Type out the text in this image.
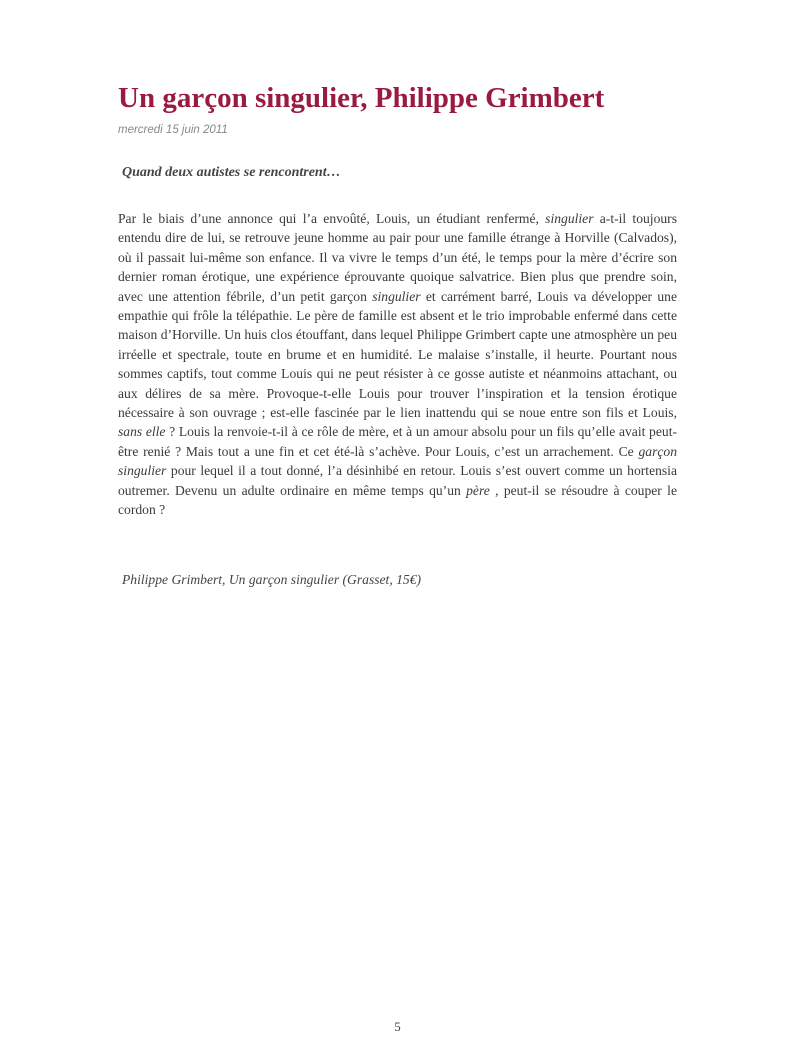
Un garçon singulier, Philippe Grimbert

mercredi 15 juin 2011

Quand deux autistes se rencontrent…

Par le biais d’une annonce qui l’a envoûté, Louis, un étudiant renfermé, singulier a-t-il toujours entendu dire de lui, se retrouve jeune homme au pair pour une famille étrange à Horville (Calvados), où il passait lui-même son enfance. Il va vivre le temps d’un été, le temps pour la mère d’écrire son dernier roman érotique, une expérience éprouvante quoique salvatrice. Bien plus que prendre soin, avec une attention fébrile, d’un petit garçon singulier et carrément barré, Louis va développer une empathie qui frôle la télépathie. Le père de famille est absent et le trio improbable enfermé dans cette maison d’Horville. Un huis clos étouffant, dans lequel Philippe Grimbert capte une atmosphère un peu irréelle et spectrale, toute en brume et en humidité. Le malaise s’installe, il heurte. Pourtant nous sommes captifs, tout comme Louis qui ne peut résister à ce gosse autiste et néanmoins attachant, ou aux délires de sa mère. Provoque-t-elle Louis pour trouver l’inspiration et la tension érotique nécessaire à son ouvrage ; est-elle fascinée par le lien inattendu qui se noue entre son fils et Louis, sans elle ? Louis la renvoie-t-il à ce rôle de mère, et à un amour absolu pour un fils qu’elle avait peut-être renié ? Mais tout a une fin et cet été-là s’achève. Pour Louis, c’est un arrachement. Ce garçon singulier pour lequel il a tout donné, l’a désinhibé en retour. Louis s’est ouvert comme un hortensia outremer. Devenu un adulte ordinaire en même temps qu’un père , peut-il se résoudre à couper le cordon ?

Philippe Grimbert, Un garçon singulier (Grasset, 15€)

5
